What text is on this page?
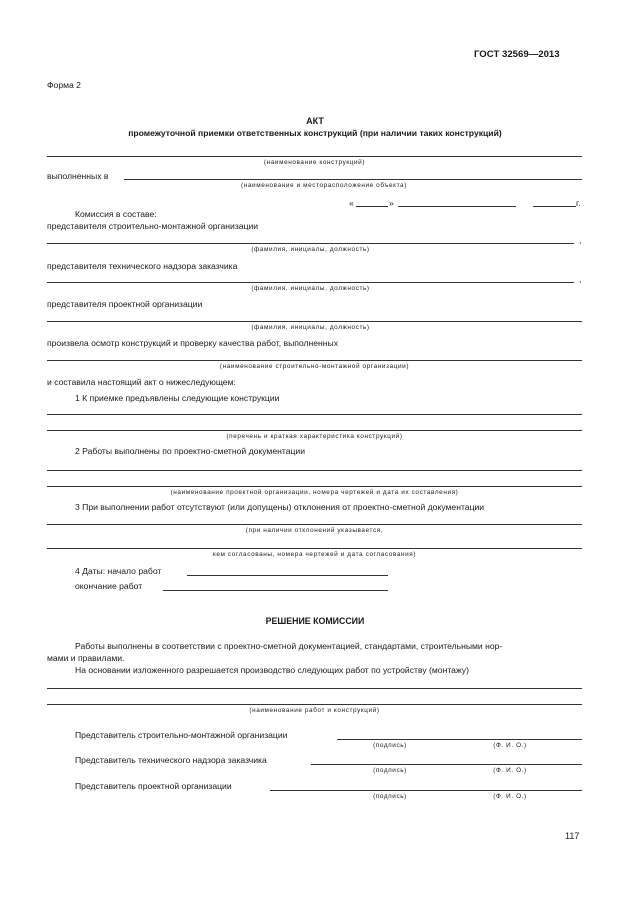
ГОСТ 32569—2013
Форма 2
АКТ
промежуточной приемки ответственных конструкций (при наличии таких конструкций)
(наименование конструкций)
выполненных в
(наименование и месторасположение объекта)
«	»	г.
Комиссия в составе:
представителя строительно-монтажной организации
,
(фамилия, инициалы, должность)
представителя технического надзора заказчика
,
(фамилия, инициалы, должность)
представителя проектной организации
(фамилия, инициалы, должность)
произвела осмотр конструкций и проверку качества работ, выполненных
(наименование строительно-монтажной организации)
и составила настоящий акт о нижеследующем:
1 К приемке предъявлены следующие конструкции
(перечень и краткая характеристика конструкций)
2 Работы выполнены по проектно-сметной документации
(наименование проектной организации, номера чертежей и дата их составления)
3 При выполнении работ отсутствуют (или допущены) отклонения от проектно-сметной документации
(при наличии отклонений указывается,
кем согласованы, номера чертежей и дата согласования)
4 Даты: начало работ
окончание работ
РЕШЕНИЕ КОМИССИИ
Работы выполнены в соответствии с проектно-сметной документацией, стандартами, строительными нор-
мами и правилами.
На основании изложенного разрешается производство следующих работ по устройству (монтажу)
(наименование работ и конструкций)
Представитель строительно-монтажной организации
(подпись)	(Ф. И. О.)
Представитель технического надзора заказчика
(подпись)	(Ф. И. О.)
Представитель проектной организации
(подпись)	(Ф. И. О.)
117
